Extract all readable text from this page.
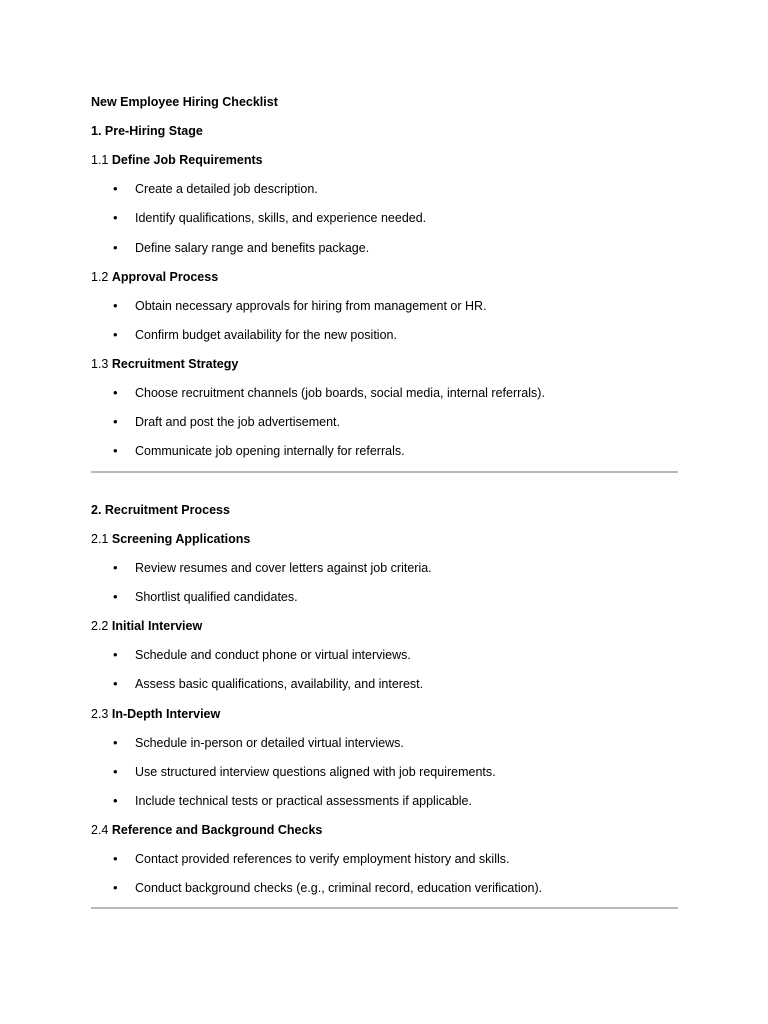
New Employee Hiring Checklist
1. Pre-Hiring Stage
1.1 Define Job Requirements
• Create a detailed job description.
• Identify qualifications, skills, and experience needed.
• Define salary range and benefits package.
1.2 Approval Process
• Obtain necessary approvals for hiring from management or HR.
• Confirm budget availability for the new position.
1.3 Recruitment Strategy
• Choose recruitment channels (job boards, social media, internal referrals).
• Draft and post the job advertisement.
• Communicate job opening internally for referrals.
2. Recruitment Process
2.1 Screening Applications
• Review resumes and cover letters against job criteria.
• Shortlist qualified candidates.
2.2 Initial Interview
• Schedule and conduct phone or virtual interviews.
• Assess basic qualifications, availability, and interest.
2.3 In-Depth Interview
• Schedule in-person or detailed virtual interviews.
• Use structured interview questions aligned with job requirements.
• Include technical tests or practical assessments if applicable.
2.4 Reference and Background Checks
• Contact provided references to verify employment history and skills.
• Conduct background checks (e.g., criminal record, education verification).
